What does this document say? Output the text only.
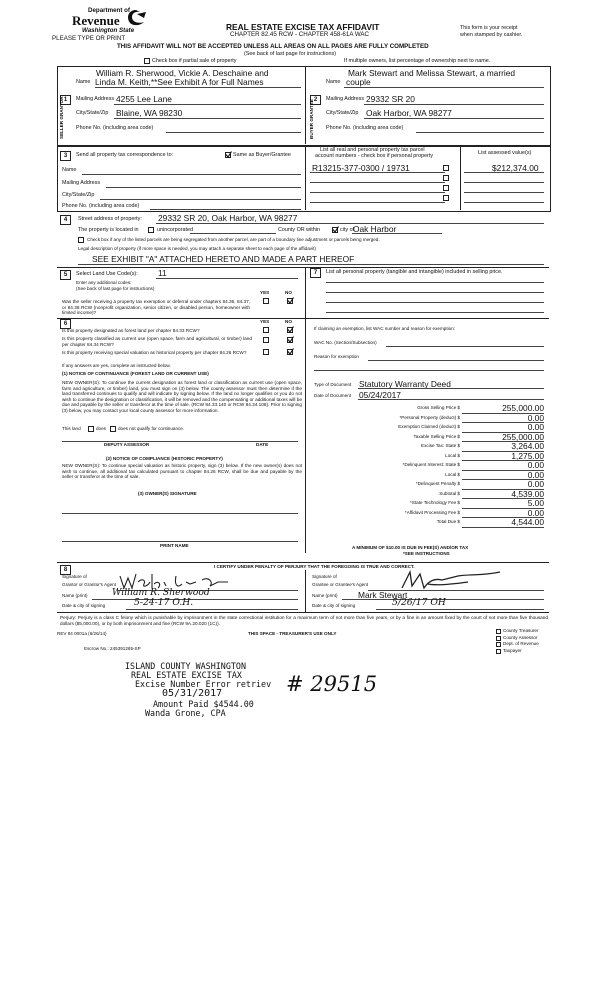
Department of
Revenue
Washington State
PLEASE TYPE OR PRINT
REAL ESTATE EXCISE TAX AFFIDAVIT
CHAPTER 82.45 RCW - CHAPTER 458-61A WAC
This form is your receipt
when stamped by cashier.
THIS AFFIDAVIT WILL NOT BE ACCEPTED UNLESS ALL AREAS ON ALL PAGES ARE FULLY COMPLETED
(See back of last page for instructions)
Check box if partial sale of property	If multiple owners, list percentage of ownership next to name.
1
SELLER GRANTOR
William R. Sherwood, Vickie A. Deschaine and
Name Linda M. Keith,**See Exhibit A for Full Names
Mailing Address 4255 Lee Lane
City/State/Zip Blaine, WA 98230
Phone No. (including area code)
2
BUYER GRANTEE
Mark Stewart and Melissa Stewart, a married
Name couple
Mailing Address 29332 SR 20
City/State/Zip Oak Harbor, WA 98277
Phone No. (including area code)
3	Send all property tax correspondence to:	Same as Buyer/Grantee
Name
Mailing Address
City/State/Zip
Phone No. (including area code)
List all real and personal property tax parcel
account numbers - check box if personal property	List assessed value(s)
R13215-377-0300 / 19731	$212,374.00
4	Street address of property: 29332 SR 20, Oak Harbor, WA 98277
The property is located in	unincorporated	County OR within	city of
Oak Harbor
Check box if any of the listed parcels are being segregated from another parcel, are part of a boundary line adjustment or parcels being merged.
Legal description of property (if more space is needed, you may attach a separate sheet to each page of the affidavit)
SEE EXHIBIT "A" ATTACHED HERETO AND MADE A PART HEREOF
5	Select Land Use Code(s): 11
Enter any additional codes:
(See back of last page for instructions)
YES	NO
Was the seller receiving a property tax exemption or deferral under chapters 84.36, 84.37, or 84.38 RCW (nonprofit organization, senior citizen, or disabled person, homeowner with limited income)?
7	List all personal property (tangible and intangible) included in selling price.
6	YES	NO
Is this property designated as forest land per chapter 84.33 RCW?
Is this property classified as current use (open space, farm and agricultural, or timber) land per chapter 84.34 RCW?
Is this property receiving special valuation as historical property per chapter 84.26 RCW?
If any answers are yes, complete as instructed below.
(1) NOTICE OF CONTINUANCE (FOREST LAND OR CURRENT USE)
NEW OWNER(S): To continue the current designation as forest land or classification as current use (open space, farm and agriculture, or timber) land, you must sign on (3) below. The county assessor must then determine if the land transferred continues to qualify and will indicate by signing below. If the land no longer qualifies or you do not wish to continue the designation or classification, it will be removed and the compensating or additional taxes will be due and payable by the seller or transferor at the time of sale. (RCW 84.33.140 or RCW 84.34.108). Prior to signing (3) below, you may contact your local county assessor for more information.
This land	does	does not qualify for continuance.
DEPUTY ASSESSOR	DATE
(2) NOTICE OF COMPLIANCE (HISTORIC PROPERTY)
NEW OWNER(S): To continue special valuation as historic property, sign (3) below. If the new owner(s) does not wish to continue, all additional tax calculated pursuant to chapter 84.26 RCW, shall be due and payable by the seller or transferor at the time of sale.
(3) OWNER(S) SIGNATURE
PRINT NAME
If claiming an exemption, list WAC number and reason for exemption:
WAC No. (Section/Subsection)
Reason for exemption
Type of Document Statutory Warranty Deed
Date of Document 05/24/2017
Gross Selling Price $	255,000.00
*Personal Property (deduct) $	0.00
Exemption Claimed (deduct) $	0.00
Taxable Selling Price $	255,000.00
Excise Tax: State $	3,264.00
Local $	1,275.00
*Delinquent Interest: State $	0.00
Local $	0.00
*Delinquent Penalty $	0.00
Subtotal $	4,539.00
*State Technology Fee $	5.00
*Affidavit Processing Fee $	0.00
Total Due $	4,544.00
A MINIMUM OF $10.00 IS DUE IN FEE(S) AND/OR TAX
*SEE INSTRUCTIONS
8
I CERTIFY UNDER PENALTY OF PERJURY THAT THE FOREGOING IS TRUE AND CORRECT.
Signature of
Grantor or Grantor's Agent
Name (print)	William R. Sherwood
Date & city of signing	5-24-17 O.H.
Signature of
Grantee or Grantee's Agent
Name (print) Mark Stewart
Date & city of signing	5/26/17 OH
Perjury: Perjury is a class C felony which is punishable by imprisonment in the state correctional institution for a maximum term of not more than five years, or by a fine in an amount fixed by the court of not more than five thousand dollars ($5,000.00), or by both imprisonment and fine (RCW 9A.20.020 (1C)).
REV 84 0001a (6/26/14)	THIS SPACE - TREASURER'S USE ONLY
Escrow No.: 245391265-SP
County Treasurer
County Assessor
Dept. of Revenue
Taxpayer
ISLAND COUNTY WASHINGTON
REAL ESTATE EXCISE TAX
Excise Number Error retriev
05/31/2017
Amount Paid $4544.00
Wanda Grone, CPA
# 29515
